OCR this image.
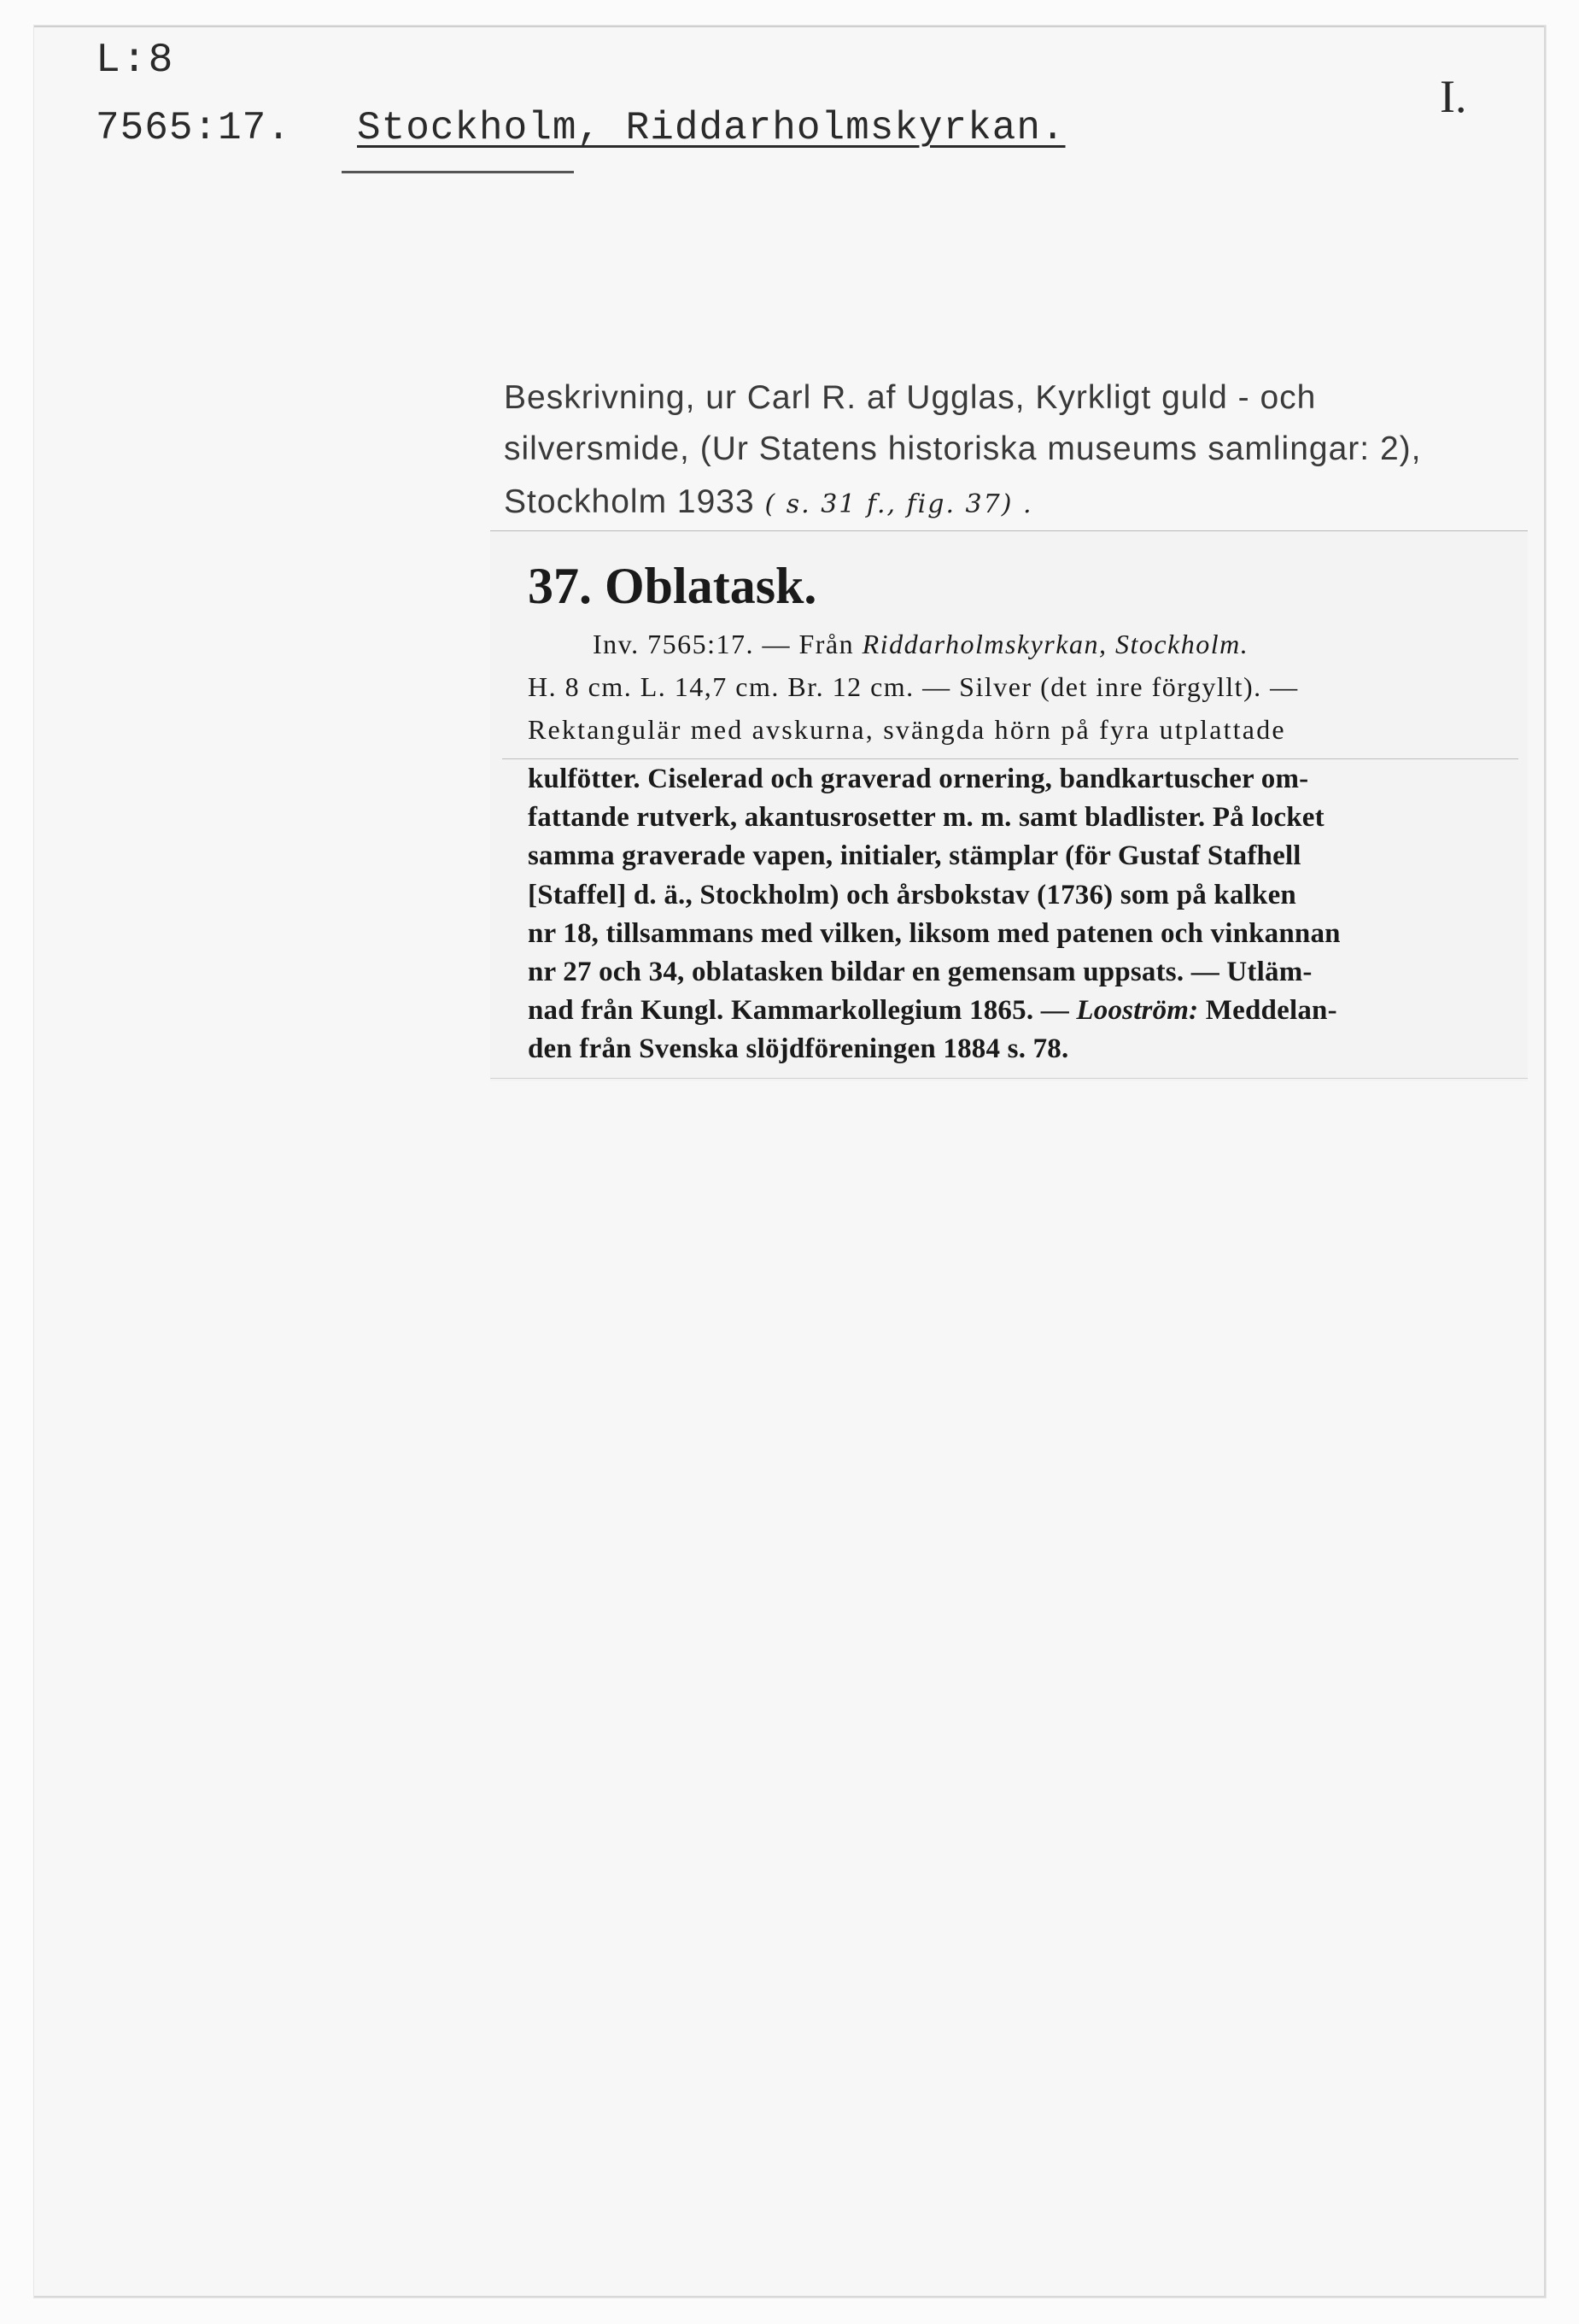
L:8
7565:17. Stockholm, Riddarholmskyrkan.
I.
Beskrivning, ur Carl R. af Ugglas, Kyrkligt guld - och
silversmide, (Ur Statens historiska museums samlingar: 2),
Stockholm 1933 ( s. 31 f., fig. 37) .
37. Oblatask.
Inv. 7565:17. — Från Riddarholmskyrkan, Stockholm.
H. 8 cm. L. 14,7 cm. Br. 12 cm. — Silver (det inre förgyllt). —
Rektangulär med avskurna, svängda hörn på fyra utplattade

kulfötter. Ciselerad och graverad ornering, bandkartuscher om-

fattande rutverk, akantusrosetter m. m. samt bladlister. På locket

samma graverade vapen, initialer, stämplar (för Gustaf Stafhell

[Staffel] d. ä., Stockholm) och årsbokstav (1736) som på kalken

nr 18, tillsammans med vilken, liksom med patenen och vinkannan

nr 27 och 34, oblatasken bildar en gemensam uppsats. — Utläm-

nad från Kungl. Kammarkollegium 1865. — Looström: Meddelan-

den från Svenska slöjdföreningen 1884 s. 78.
